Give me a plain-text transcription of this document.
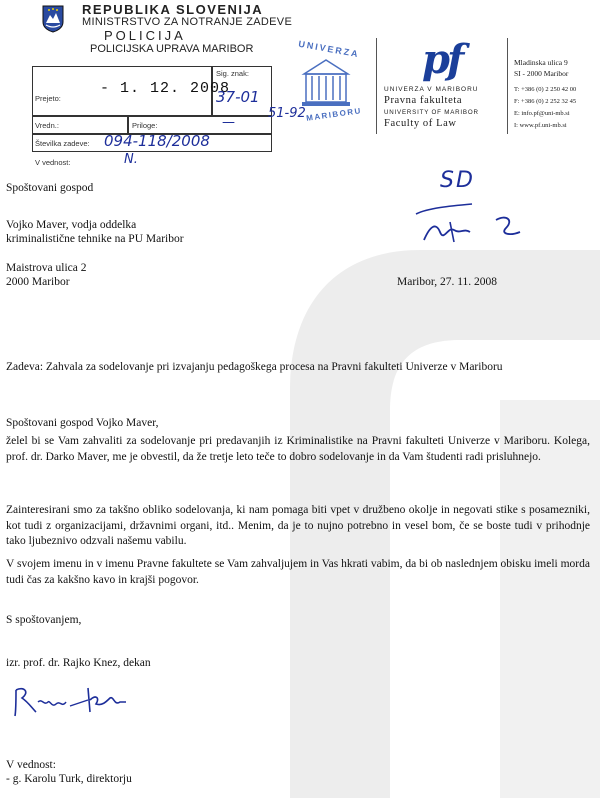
REPUBLIKA SLOVENIJA
MINISTRSTVO ZA NOTRANJE ZADEVE
POLICIJA
POLICIJSKA UPRAVA MARIBOR
Prejeto:
- 1. 12. 2008
Sig. znak:
37-01
51-92
Vredn.:	Priloge:	—
Številka zadeve: 094-118/2008
V vednost:	N.
UNIVERZA
MARIBORU
pf
UNIVERZA V MARIBORU
Pravna fakulteta
UNIVERSITY OF MARIBOR
Faculty of Law
Mladinska ulica 9
SI - 2000 Maribor
T: +386 (0) 2 250 42 00
F: +386 (0) 2 252 32 45
E: info.pf@uni-mb.si
I: www.pf.uni-mb.si
Spoštovani gospod
Vojko Maver, vodja oddelka
kriminalistične tehnike na PU Maribor
Maistrova ulica 2
2000 Maribor
SD
Maribor, 27. 11. 2008
Zadeva: Zahvala za sodelovanje pri izvajanju pedagoškega procesa na Pravni fakulteti Univerze v Mariboru
Spoštovani gospod Vojko Maver,
želel bi se Vam zahvaliti za sodelovanje pri predavanjih iz Kriminalistike na Pravni fakulteti Univerze v Mariboru. Kolega, prof. dr. Darko Maver, me je obvestil, da že tretje leto teče to dobro sodelovanje in da Vam študenti radi prisluhnejo.
Zainteresirani smo za takšno obliko sodelovanja, ki nam pomaga biti vpet v družbeno okolje in negovati stike s posamezniki, kot tudi z organizacijami, državnimi organi, itd.. Menim, da je to nujno potrebno in vesel bom, če se boste tudi v prihodnje tako ljubeznivo odzvali našemu vabilu.
V svojem imenu in v imenu Pravne fakultete se Vam zahvaljujem in Vas hkrati vabim, da bi ob naslednjem obisku imeli morda tudi čas za kakšno kavo in krajši pogovor.
S spoštovanjem,
izr. prof. dr. Rajko Knez, dekan
V vednost:
- g. Karolu Turk, direktorju
